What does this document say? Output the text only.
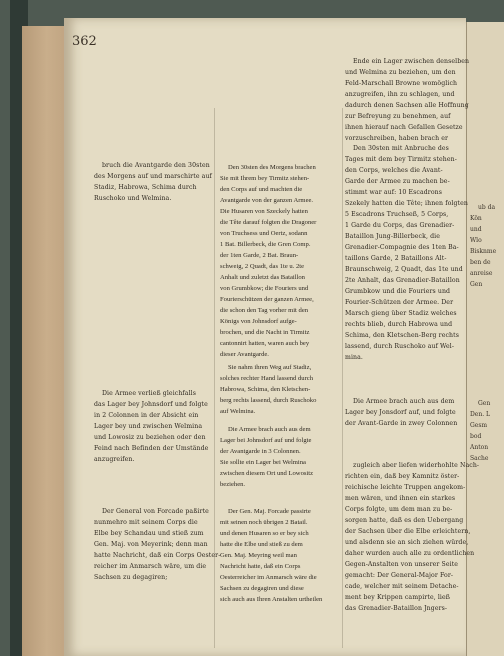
362

ub da

Kön

und

Wlo

Bisknme

ben de

anreise

Gen

Gen

Den. L

Gesm

bod

Anton

Sache

bruch die Avantgarde den 30sten

des Morgens auf und marschirte auf

Stadiz, Habrowa, Schima durch

Ruschoko und Welmina.

Die Armee verließ gleichfalls

das Lager bey Johnsdorf und folgte

in 2 Colonnen in der Absicht ein

Lager bey und zwischen Welmina

und Lowosiz zu beziehen oder den

Feind nach Befinden der Umstände

anzugreifen.

Der General von Forcade paßirte

nunmehro mit seinem Corps die

Elbe bey Schandau und stieß zum

Gen. Maj. von Meyerink; denn man

hatte Nachricht, daß ein Corps Oester-

reicher im Anmarsch wäre, um die

Sachsen zu degagiren;

Den 30sten des Morgens brachen

Sie mit Ihrem bey Tirmitz stehen-

den Corps auf und machten die

Avantgarde von der ganzen Armee.

Die Husaren von Szeckely hatten

die Tête darauf folgten die Dragoner

von Truchsess und Oertz, sodann

1 Bat. Billerbeck, die Gren Comp.

der 1ten Garde, 2 Bat. Braun-

schweig, 2 Quadt, das 1te u. 2te

Anhalt und zuletzt das Bataillon

von Grumbkow; die Fouriers und

Fourierschützen der ganzen Armee,

die schon den Tag vorher mit den

Königs von Johnsdorf aufge-

brochen, und die Nacht in Tirmitz

cantonnirt hatten, waren auch bey

dieser Avantgarde.

Sie nahm ihren Weg auf Stadiz,

solches rechter Hand lassend durch

Habrowa, Schima, den Kletschen-

berg rechts lassend, durch Ruschoko

auf Welmina.

Die Armee brach auch aus dem

Lager bei Johnsdorf auf und folgte

der Avantgarde in 3 Colonnen.

Sie sollte ein Lager bei Welmina

zwischen diesem Ort und Lowositz

beziehen.

Der Gen. Maj. Forcade passirte

mit seinen noch übrigen 2 Batail.

und denen Husaren so er bey sich

hatte die Elbe und stieß zu dem

Gen. Maj. Meyring weil man

Nachricht hatte, daß ein Corps

Oesterreicher im Anmarsch wäre die

Sachsen zu degagiren und diese

sich auch aus Ihren Anstalten urtheilen

Ende ein Lager zwischen denselben

und Welmina zu beziehen, um den

Feld-Marschall Browne womöglich

anzugreifen, ihn zu schlagen, und

dadurch denen Sachsen alle Hoffnung

zur Befreyung zu benehmen, auf

ihnen hierauf nach Gefallen Gesetze

vorzuschreiben, haben brach er

Den 30sten mit Anbruche des

Tages mit dem bey Tirmitz stehen-

den Corps, welches die Avant-

Garde der Armee zu machen be-

stimmt war auf: 10 Escadrons

Szekely hatten die Tête; ihnen folgten

5 Escadrons Truchseß, 5 Corps,

1 Garde du Corps, das Grenadier-

Bataillon Jung-Billerbeck, die

Grenadier-Compagnie des 1ten Ba-

taillons Garde, 2 Bataillons Alt-

Braunschweig, 2 Quadt, das 1te und

2te Anhalt, das Grenadier-Bataillon

Grumbkow und die Fouriers und

Fourier-Schützen der Armee. Der

Marsch gieng über Stadiz welches

rechts blieb, durch Habrowa und

Schima, den Kletschen-Berg rechts

lassend, durch Ruschoko auf Wel-

mina.

Die Armee brach auch aus dem

Lager bey Jonsdorf auf, und folgte

der Avant-Garde in zwey Colonnen

zugleich aber liefen widerhohlte Nach-

richten ein, daß bey Kamnitz öster-

reichische leichte Truppen angekom-

men wären, und ihnen ein starkes

Corps folgte, um dem man zu be-

sorgen hatte, daß es den Uebergang

der Sachsen über die Elbe erleichtern,

und alsdenn sie an sich ziehen würde,

daher wurden auch alle zu ordentlichen

Gegen-Anstalten von unserer Seite

gemacht: Der General-Major For-

cade, welcher mit seinem Detache-

ment bey Krippen campirte, ließ

das Grenadier-Bataillon Jngers-
